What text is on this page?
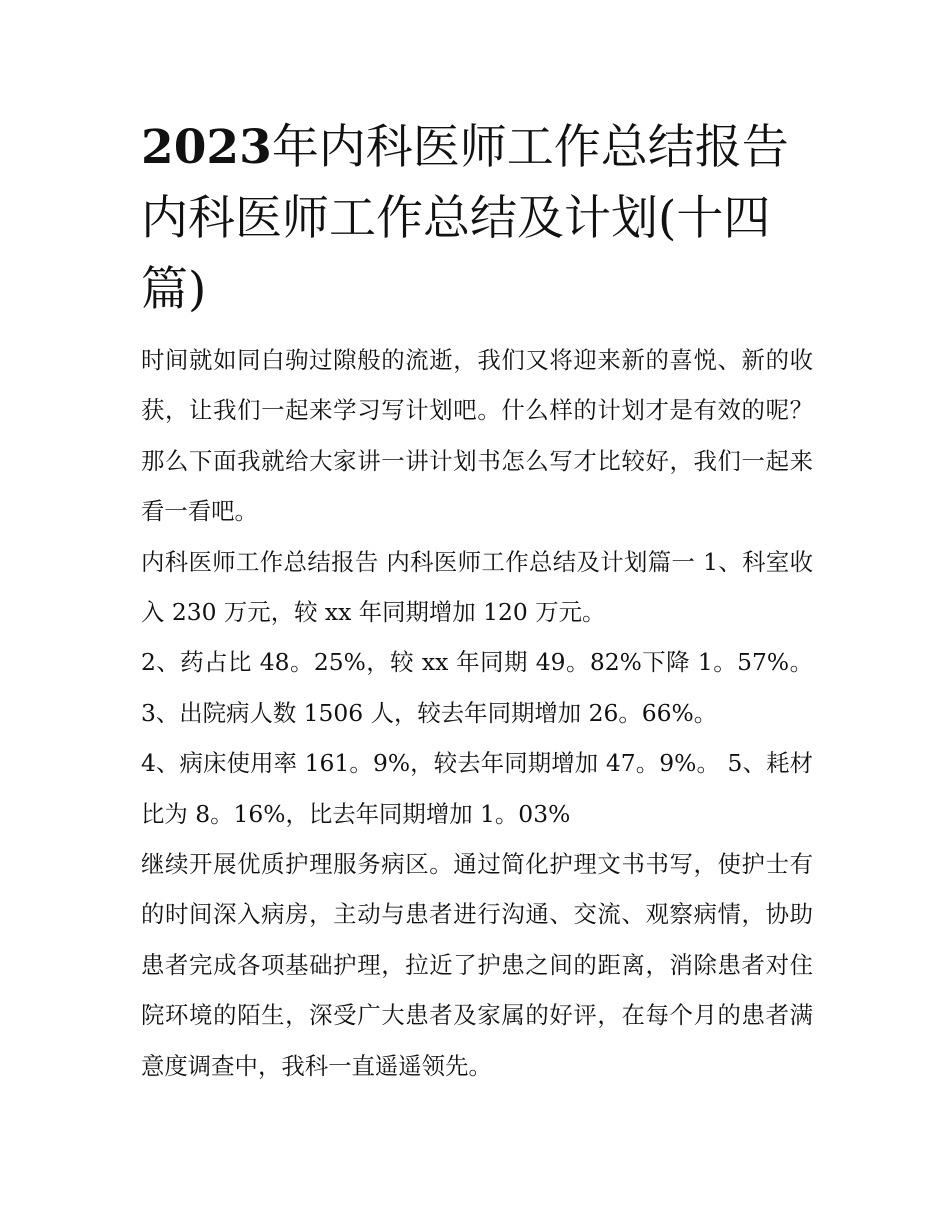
2023年内科医师工作总结报告 内科医师工作总结及计划(十四篇)

时间就如同白驹过隙般的流逝，我们又将迎来新的喜悦、新的收获，让我们一起来学习写计划吧。什么样的计划才是有效的呢？那么下面我就给大家讲一讲计划书怎么写才比较好，我们一起来看一看吧。

内科医师工作总结报告 内科医师工作总结及计划篇一 1、科室收入 230 万元，较 xx 年同期增加 120 万元。

2、药占比 48。25%，较 xx 年同期 49。82%下降 1。57%。 3、出院病人数 1506 人，较去年同期增加 26。66%。

4、病床使用率 161。9%，较去年同期增加 47。9%。 5、耗材比为 8。16%，比去年同期增加 1。03%

继续开展优质护理服务病区。通过简化护理文书书写，使护士有的时间深入病房，主动与患者进行沟通、交流、观察病情，协助患者完成各项基础护理，拉近了护患之间的距离，消除患者对住院环境的陌生，深受广大患者及家属的好评，在每个月的患者满意度调查中，我科一直遥遥领先。
